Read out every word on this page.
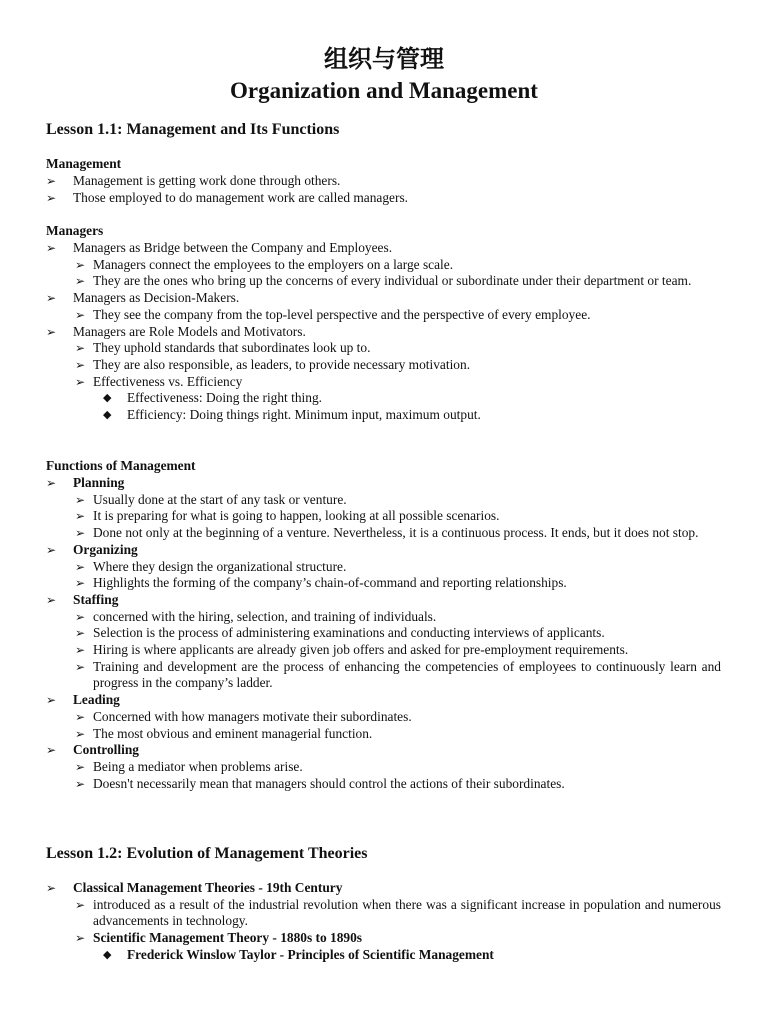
组织与管理
Organization and Management
Lesson 1.1: Management and Its Functions
Management
➢ Management is getting work done through others.
➢ Those employed to do management work are called managers.
Managers
➢ Managers as Bridge between the Company and Employees.
➢ Managers connect the employees to the employers on a large scale.
➢ They are the ones who bring up the concerns of every individual or subordinate under their department or team.
➢ Managers as Decision-Makers.
➢ They see the company from the top-level perspective and the perspective of every employee.
➢ Managers are Role Models and Motivators.
➢ They uphold standards that subordinates look up to.
➢ They are also responsible, as leaders, to provide necessary motivation.
➢ Effectiveness vs. Efficiency
◆ Effectiveness: Doing the right thing.
◆ Efficiency: Doing things right. Minimum input, maximum output.
Functions of Management
➢ Planning
➢ Usually done at the start of any task or venture.
➢ It is preparing for what is going to happen, looking at all possible scenarios.
➢ Done not only at the beginning of a venture. Nevertheless, it is a continuous process. It ends, but it does not stop.
➢ Organizing
➢ Where they design the organizational structure.
➢ Highlights the forming of the company’s chain-of-command and reporting relationships.
➢ Staffing
➢ concerned with the hiring, selection, and training of individuals.
➢ Selection is the process of administering examinations and conducting interviews of applicants.
➢ Hiring is where applicants are already given job offers and asked for pre-employment requirements.
➢ Training and development are the process of enhancing the competencies of employees to continuously learn and progress in the company’s ladder.
➢ Leading
➢ Concerned with how managers motivate their subordinates.
➢ The most obvious and eminent managerial function.
➢ Controlling
➢ Being a mediator when problems arise.
➢ Doesn't necessarily mean that managers should control the actions of their subordinates.
Lesson 1.2: Evolution of Management Theories
➢ Classical Management Theories - 19th Century
➢ introduced as a result of the industrial revolution when there was a significant increase in population and numerous advancements in technology.
➢ Scientific Management Theory - 1880s to 1890s
◆ Frederick Winslow Taylor - Principles of Scientific Management
